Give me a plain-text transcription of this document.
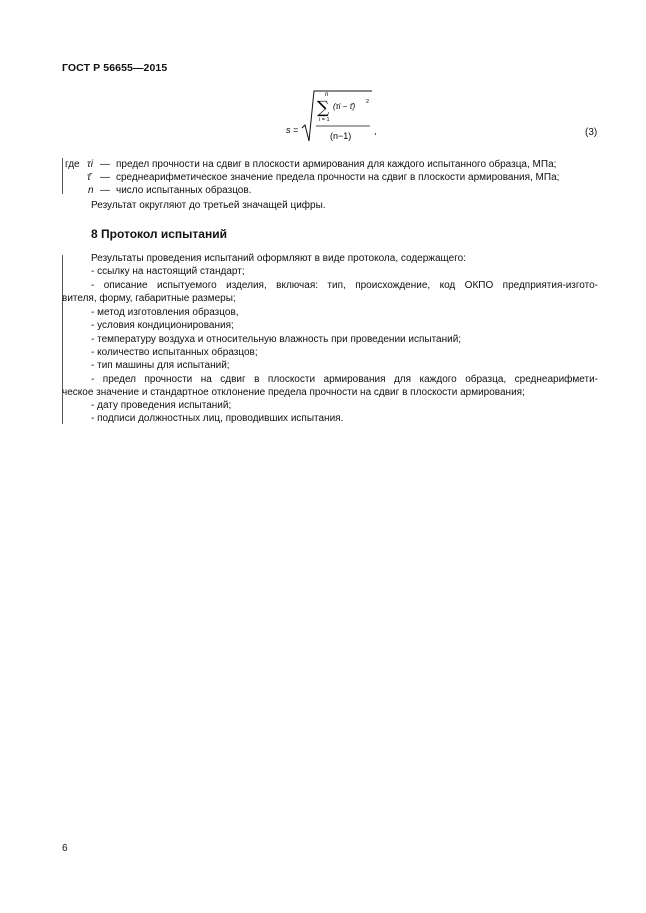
ГОСТ Р 56655—2015
s =
n
∑
i = 1
(τi − τ̄) 2
(n−1)	,	(3)
где τi — предел прочности на сдвиг в плоскости армирования для каждого испытанного образца, МПа;
τ̄ — среднеарифметическое значение предела прочности на сдвиг в плоскости армирования, МПа;
n — число испытанных образцов.
Результат округляют до третьей значащей цифры.
8 Протокол испытаний
Результаты проведения испытаний оформляют в виде протокола, содержащего:
- ссылку на настоящий стандарт;
- описание испытуемого изделия, включая: тип, происхождение, код ОКПО предприятия-изгото-
вителя, форму, габаритные размеры;
- метод изготовления образцов,
- условия кондиционирования;
- температуру воздуха и относительную влажность при проведении испытаний;
- количество испытанных образцов;
- тип машины для испытаний;
- предел прочности на сдвиг в плоскости армирования для каждого образца, среднеарифмети-
ческое значение и стандартное отклонение предела прочности на сдвиг в плоскости армирования;
- дату проведения испытаний;
- подписи должностных лиц, проводивших испытания.
6
